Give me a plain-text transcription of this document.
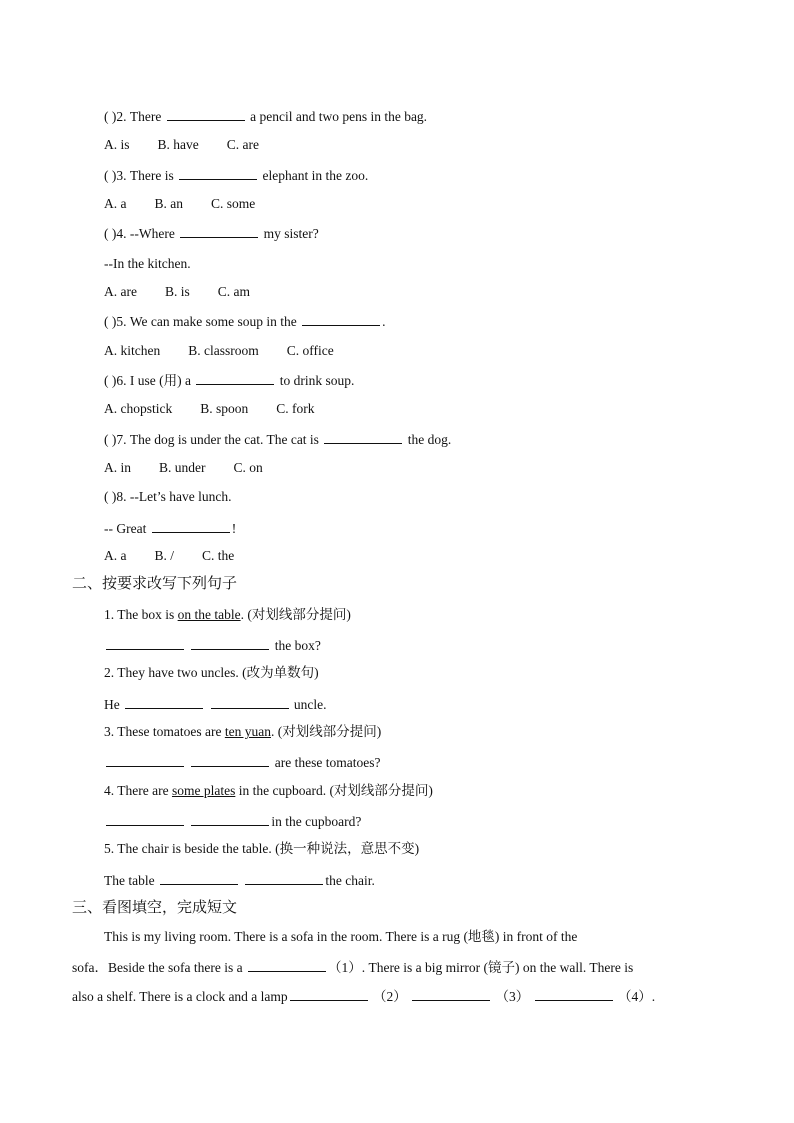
( )2. There	a pencil and two pens in the bag.
A. is B. have C. are
( )3. There is	elephant in the zoo.
A. a B. an C. some
( )4. --Where	my sister?
--In the kitchen.
A. are B. is C. am
( )5. We can make some soup in the	.
A. kitchen B. classroom C. office
( )6. I use (用) a	to drink soup.
A. chopstick B. spoon C. fork
( )7. The dog is under the cat. The cat is	the dog.
A. in B. under C. on
( )8. --Let’s have lunch.
-- Great	!
A. a B. / C. the
二、按要求改写下列句子
1. The box is on the table. (对划线部分提问)
the box?
2. They have two uncles. (改为单数句)
He	uncle.
3. These tomatoes are ten yuan. (对划线部分提问)
are these tomatoes?
4. There are some plates in the cupboard. (对划线部分提问)
in the cupboard?
5. The chair is beside the table. (换一种说法，意思不变)
The table	the chair.
三、看图填空，完成短文
This is my living room. There is a sofa in the room. There is a rug (地毯) in front of the
sofa．Beside the sofa there is a	（1）. There is a big mirror (镜子) on the wall. There is
also a shelf. There is a clock and a lamp	（2）	（3）	（4）.
